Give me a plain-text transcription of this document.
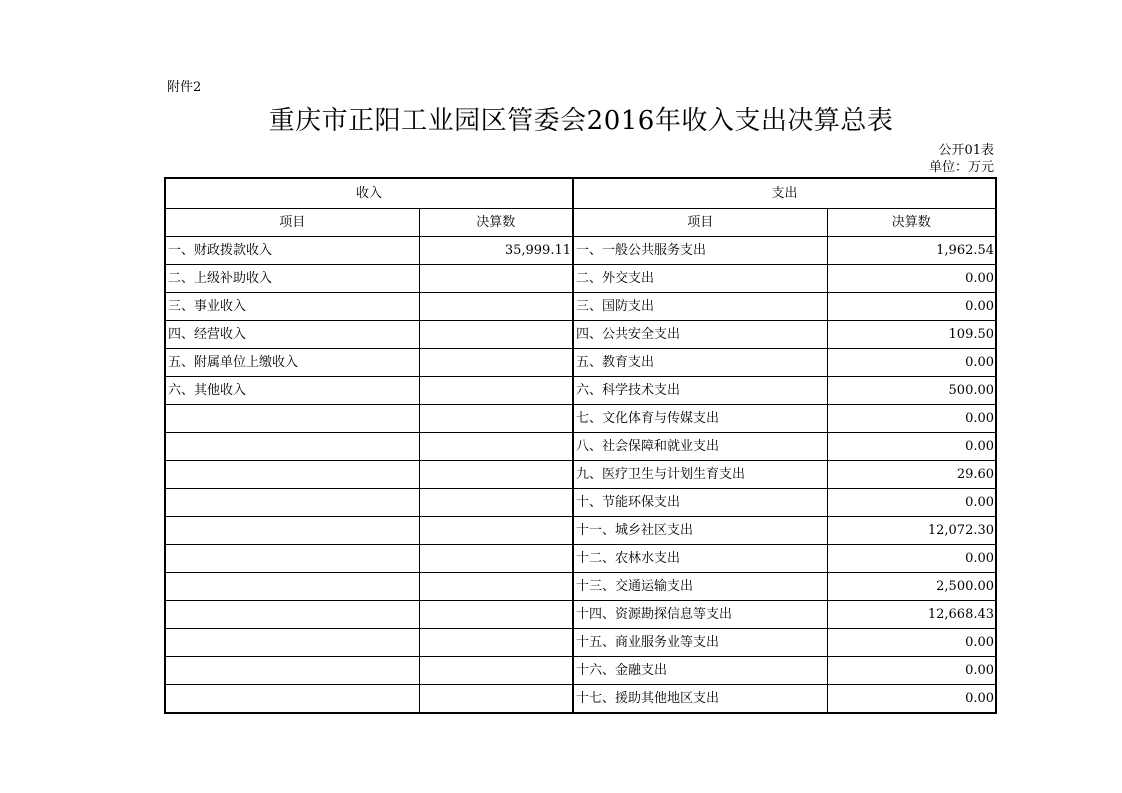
附件2
重庆市正阳工业园区管委会2016年收入支出决算总表
公开01表
单位：万元
收入		支出	
项目	决算数	项目	决算数
一、财政拨款收入	35,999.11	一、一般公共服务支出	1,962.54
二、上级补助收入		二、外交支出	0.00
三、事业收入		三、国防支出	0.00
四、经营收入		四、公共安全支出	109.50
五、附属单位上缴收入		五、教育支出	0.00
六、其他收入		六、科学技术支出	500.00
		七、文化体育与传媒支出	0.00
		八、社会保障和就业支出	0.00
		九、医疗卫生与计划生育支出	29.60
		十、节能环保支出	0.00
		十一、城乡社区支出	12,072.30
		十二、农林水支出	0.00
		十三、交通运输支出	2,500.00
		十四、资源勘探信息等支出	12,668.43
		十五、商业服务业等支出	0.00
		十六、金融支出	0.00
		十七、援助其他地区支出	0.00
